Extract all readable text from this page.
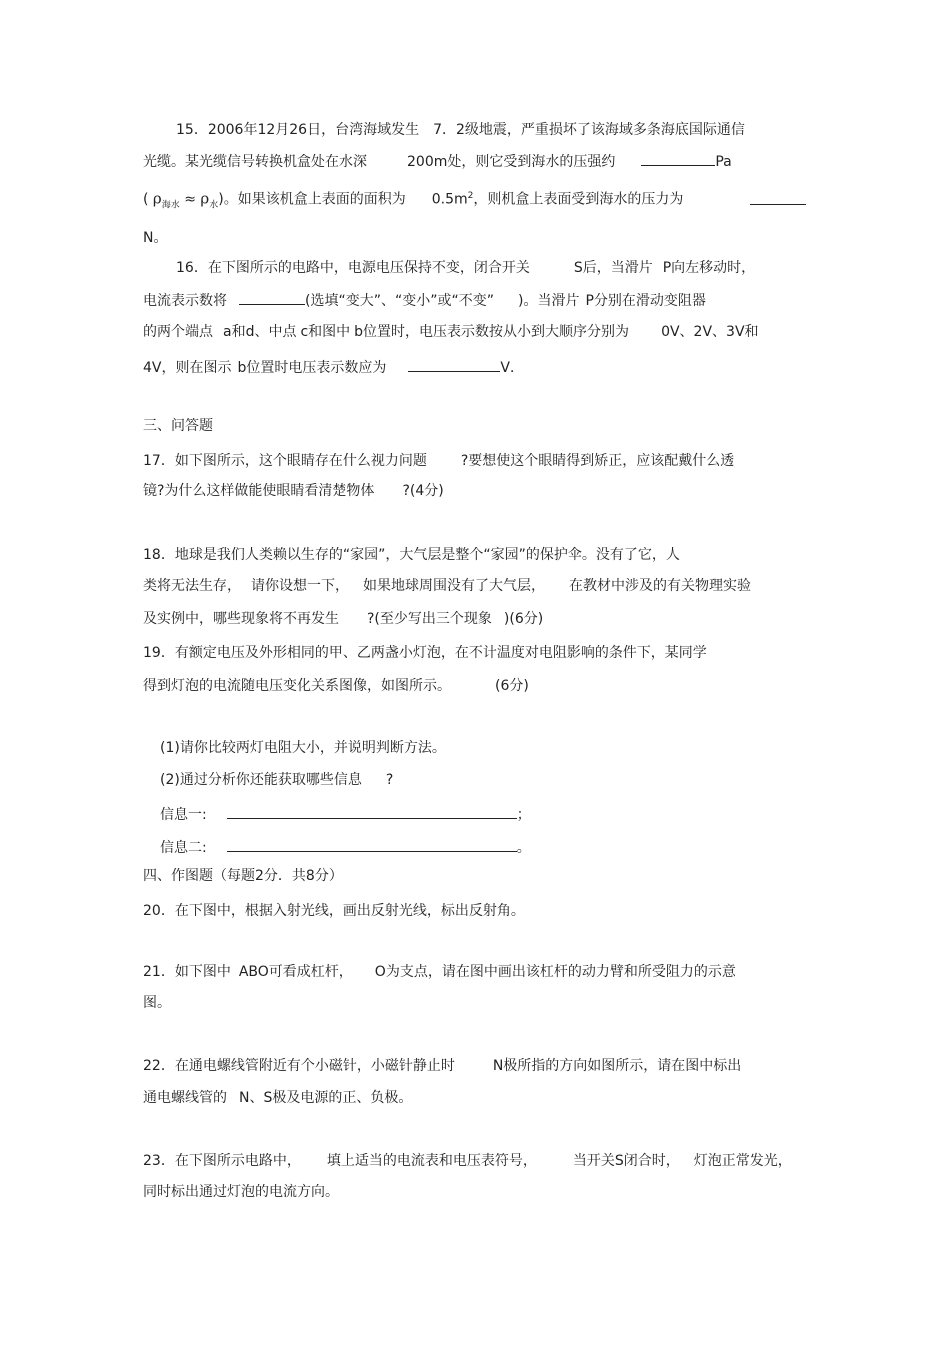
15．2006年12月26日，台湾海域发生 7．2级地震，严重损坏了该海域多条海底国际通信
光缆。某光缆信号转换机盒处在水深	200m处，则它受到海水的压强约	Pa
( $\rho_{海水} \approx \rho_水$)。如果该机盒上表面的面积为 $0.5m^2$，则机盒上表面受到海水的压力为
N。
16．在下图所示的电路中，电源电压保持不变，闭合开关	S后，当滑片 P向左移动时，
电流表示数将	(选填“变大”、“变小”或“不变” )。当滑片 P分别在滑动变阻器
的两个端点 a和d、中点 c和图中 b位置时，电压表示数按从小到大顺序分别为 0V、2V、3V和
4V，则在图示 b位置时电压表示数应为	V．
三、问答题
17．如下图所示，这个眼睛存在什么视力问题 ?要想使这个眼睛得到矫正，应该配戴什么透
镜?为什么这样做能使眼睛看清楚物体 ?(4分)
18．地球是我们人类赖以生存的“家园”，大气层是整个“家园”的保护伞。没有了它，人
类将无法生存， 请你设想一下， 如果地球周围没有了大气层， 在教材中涉及的有关物理实验
及实例中，哪些现象将不再发生 ?(至少写出三个现象 )(6分)
19．有额定电压及外形相同的甲、乙两盏小灯泡，在不计温度对电阻影响的条件下，某同学
得到灯泡的电流随电压变化关系图像，如图所示。	(6分)
(1)请你比较两灯电阻大小，并说明判断方法。
(2)通过分析你还能获取哪些信息 ?
信息一:	；
信息二:	。
四、作图题（每题2分．共8分）
20．在下图中，根据入射光线，画出反射光线，标出反射角。
21．如下图中 ABO可看成杠杆， O为支点，请在图中画出该杠杆的动力臂和所受阻力的示意
图。
22．在通电螺线管附近有个小磁针，小磁针静止时	N极所指的方向如图所示，请在图中标出
通电螺线管的 N、S极及电源的正、负极。
23．在下图所示电路中， 填上适当的电流表和电压表符号，	当开关S闭合时， 灯泡正常发光，
同时标出通过灯泡的电流方向。
